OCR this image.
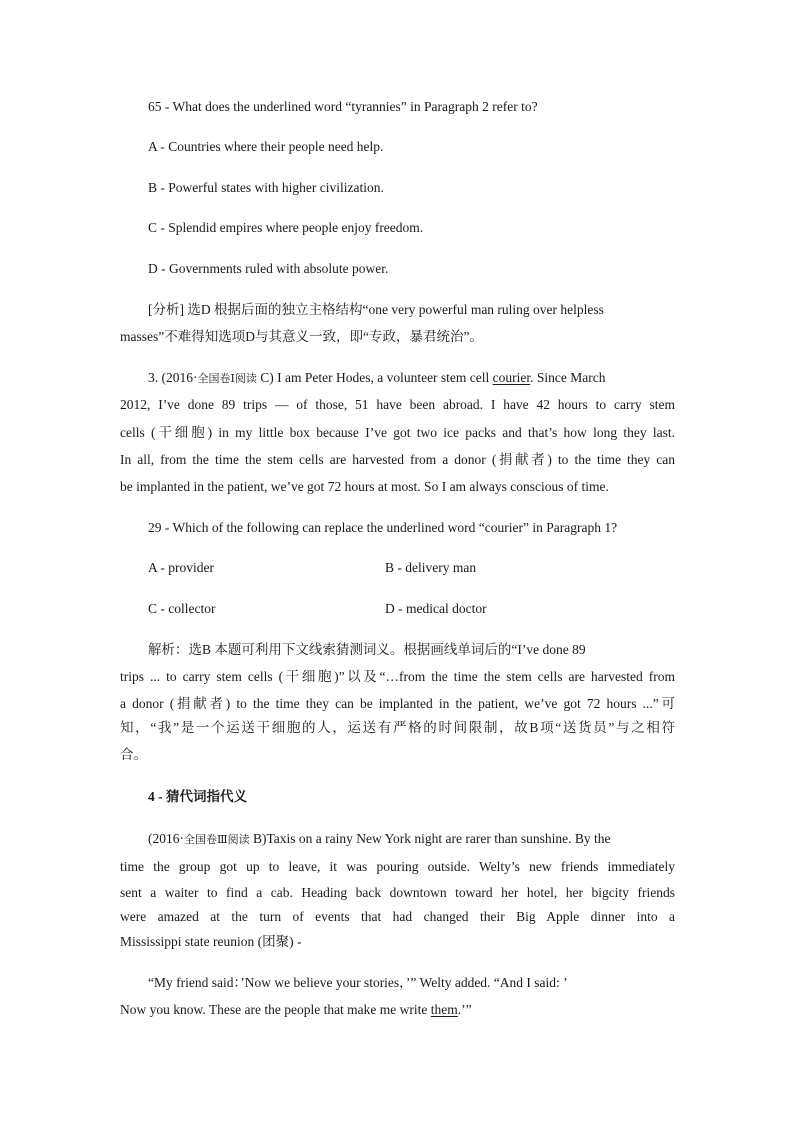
65 - What does the underlined word “tyrannies” in Paragraph 2 refer to?
A - Countries where their people need help.
B - Powerful states with higher civilization.
C - Splendid empires where people enjoy freedom.
D - Governments ruled with absolute power.
[分析] 选D 根据后面的独立主格结构“one very powerful man ruling over helpless
masses”不难得知选项D与其意义一致，即“专政，暴君统治”。
3. (2016·全国卷Ⅰ阅读 C) I am Peter Hodes, a volunteer stem cell courier. Since March
2012, I’ve done 89 trips — of those, 51 have been abroad. I have 42 hours to carry stem
cells (干细胞) in my little box because I’ve got two ice packs and that’s how long they last.
In all, from the time the stem cells are harvested from a donor (捐献者) to the time they can
be implanted in the patient, we’ve got 72 hours at most. So I am always conscious of time.
29 - Which of the following can replace the underlined word “courier” in Paragraph 1?
A - provider	B - delivery man
C - collector	D - medical doctor
解析：选B 本题可利用下文线索猜测词义。根据画线单词后的“I’ve done 89
trips ... to carry stem cells (干细胞)”以及“…from the time the stem cells are harvested from
a donor (捐献者) to the time they can be implanted in the patient, we’ve got 72 hours ...”可
知，“我”是一个运送干细胞的人，运送有严格的时间限制，故B项“送货员”与之相符
合。
4 - 猜代词指代义
(2016·全国卷Ⅲ阅读 B)Taxis on a rainy New York night are rarer than sunshine. By the
time the group got up to leave, it was pouring outside. Welty’s new friends immediately
sent a waiter to find a cab. Heading back downtown toward her hotel, her bigcity friends
were amazed at the turn of events that had changed their Big Apple dinner into a
Mississippi state reunion (团聚) -
“My friend said：’Now we believe your stories，’” Welty added. “And I said: ’
Now you know. These are the people that make me write them.’”
